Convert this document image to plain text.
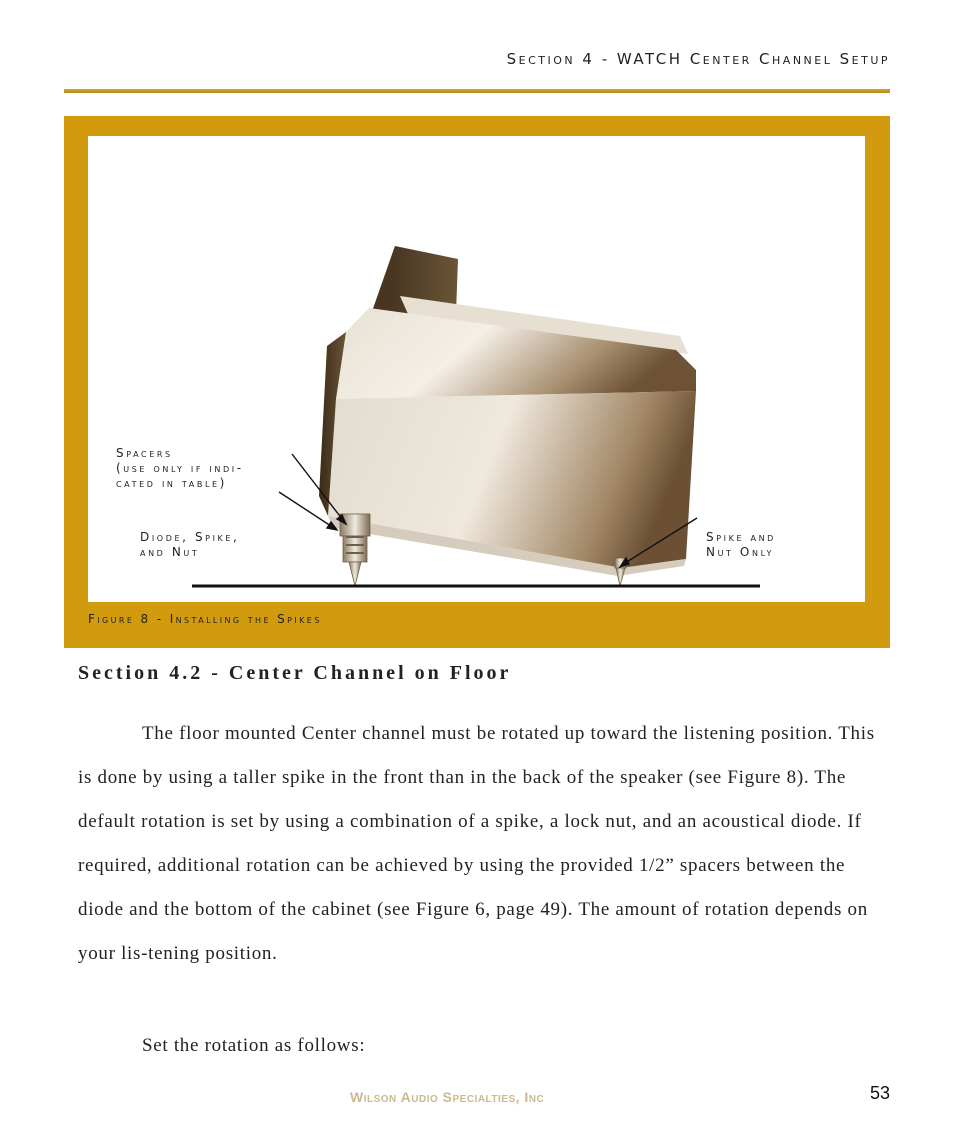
Section 4 - WATCH Center Channel Setup
Spacers
(use only if indi-
cated in table)
Diode, Spike,
and Nut
Spike and
Nut Only
Figure 8 - Installing the Spikes
Section 4.2 - Center Channel on Floor

The floor mounted Center channel must be rotated up toward the listening position. This is done by using a taller spike in the front than in the back of the speaker (see Figure 8). The default rotation is set by using a combination of a spike, a lock nut, and an acoustical diode. If required, additional rotation can be achieved by using the provided 1/2” spacers between the diode and the bottom of the cabinet (see Figure 6, page 49). The amount of rotation depends on your lis-tening position.

Set the rotation as follows:

Wilson Audio Specialties, Inc	53
